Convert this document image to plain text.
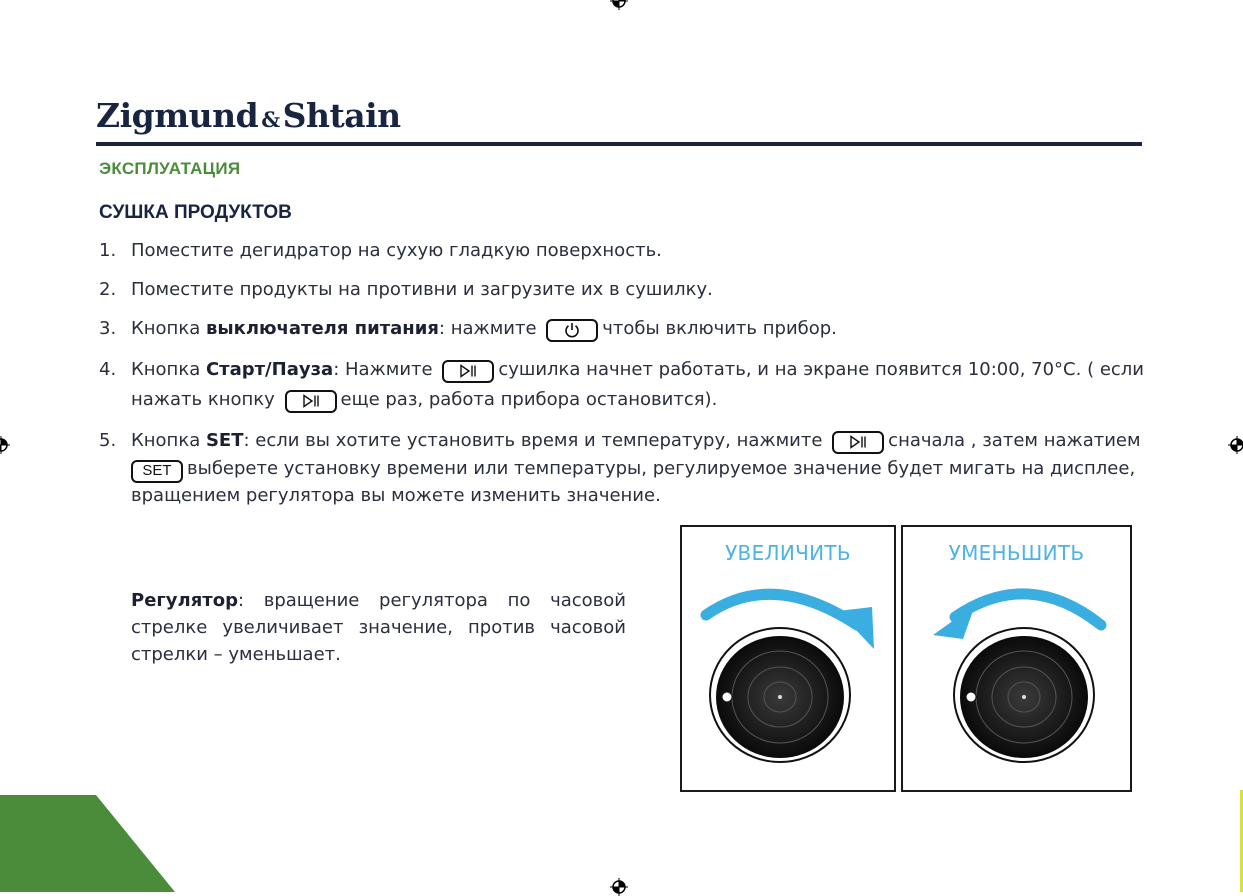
Zigmund &Shtain
ЭКСПЛУАТАЦИЯ
СУШКА ПРОДУКТОВ
1. Поместите дегидратор на сухую гладкую поверхность.
2. Поместите продукты на противни и загрузите их в сушилку.
3. Кнопка выключателя питания: нажмите	чтобы включить прибор.
4. Кнопка Старт/Пауза: Нажмите	сушилка начнет работать, и на экране появится 10:00, 70°С. ( если
нажать кнопку	еще раз, работа прибора остановится).
5. Кнопка SET: если вы хотите установить время и температуру, нажмите	сначала , затем нажатием
SET выберете установку времени или температуры, регулируемое значение будет мигать на дисплее,
вращением регулятора вы можете изменить значение.
Регулятор: вращение регулятора по часовой стрелке увеличивает значение, против часовой стрелки – уменьшает.
УВЕЛИЧИТЬ	УМЕНЬШИТЬ
